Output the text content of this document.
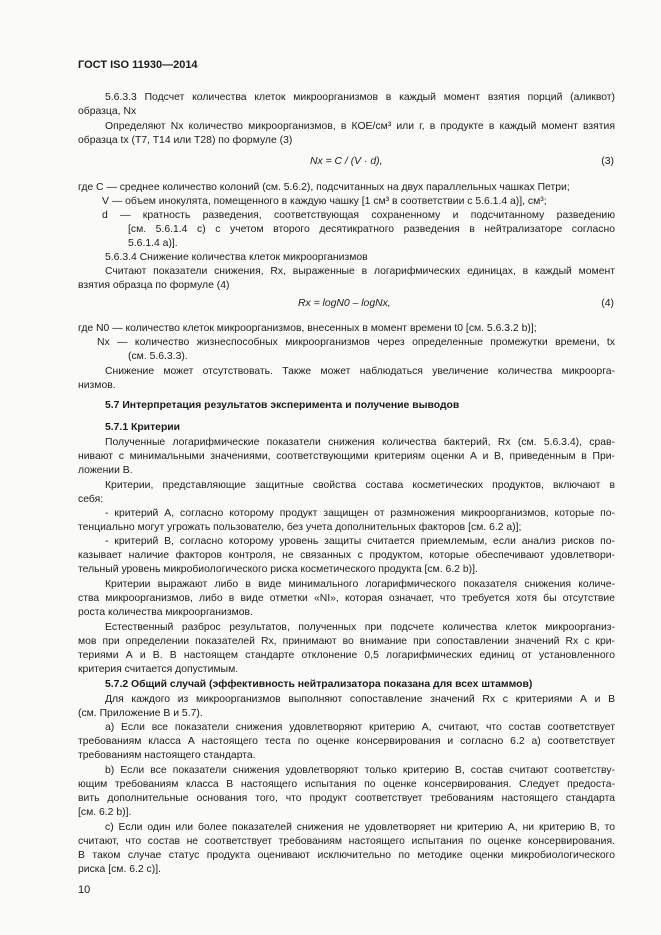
ГОСТ ISO 11930—2014
5.6.3.3 Подсчет количества клеток микроорганизмов в каждый момент взятия порций (аликвот)
образца, Nx
Определяют Nx количество микроорганизмов, в КОЕ/см³ или г, в продукте в каждый момент взятия
образца tx (T7, T14 или T28) по формуле (3)
Nx = C / (V · d),	(3)
где C — среднее количество колоний (см. 5.6.2), подсчитанных на двух параллельных чашках Петри;
V — объем инокулята, помещенного в каждую чашку [1 см³ в соответствии с 5.6.1.4 a)], см³;
d — кратность разведения, соответствующая сохраненному и подсчитанному разведению
[см. 5.6.1.4 c) с учетом второго десятикратного разведения в нейтрализаторе согласно
5.6.1.4 a)].
5.6.3.4 Снижение количества клеток микроорганизмов
Считают показатели снижения, Rx, выраженные в логарифмических единицах, в каждый момент
взятия образца по формуле (4)
Rx = logN0 – logNx,	(4)
где N0 — количество клеток микроорганизмов, внесенных в момент времени t0 [см. 5.6.3.2 b)];
Nx — количество жизнеспособных микроорганизмов через определенные промежутки времени, tx
(см. 5.6.3.3).
Снижение может отсутствовать. Также может наблюдаться увеличение количества микроорга-
низмов.
5.7 Интерпретация результатов эксперимента и получение выводов
5.7.1 Критерии
Полученные логарифмические показатели снижения количества бактерий, Rx (см. 5.6.3.4), срав-
нивают с минимальными значениями, соответствующими критериям оценки А и В, приведенным в При-
ложении В.
Критерии, представляющие защитные свойства состава косметических продуктов, включают в
себя:
- критерий А, согласно которому продукт защищен от размножения микроорганизмов, которые по-
тенциально могут угрожать пользователю, без учета дополнительных факторов [см. 6.2 a)];
- критерий В, согласно которому уровень защиты считается приемлемым, если анализ рисков по-
казывает наличие факторов контроля, не связанных с продуктом, которые обеспечивают удовлетвори-
тельный уровень микробиологического риска косметического продукта [см. 6.2 b)].
Критерии выражают либо в виде минимального логарифмического показателя снижения количе-
ства микроорганизмов, либо в виде отметки «NI», которая означает, что требуется хотя бы отсутствие
роста количества микроорганизмов.
Естественный разброс результатов, полученных при подсчете количества клеток микроорганиз-
мов при определении показателей Rx, принимают во внимание при сопоставлении значений Rx с кри-
териями А и В. В настоящем стандарте отклонение 0,5 логарифмических единиц от установленного
критерия считается допустимым.
5.7.2 Общий случай (эффективность нейтрализатора показана для всех штаммов)
Для каждого из микроорганизмов выполняют сопоставление значений Rx с критериями А и В
(см. Приложение В и 5.7).
a) Если все показатели снижения удовлетворяют критерию А, считают, что состав соответствует
требованиям класса А настоящего теста по оценке консервирования и согласно 6.2 a) соответствует
требованиям настоящего стандарта.
b) Если все показатели снижения удовлетворяют только критерию В, состав считают соответству-
ющим требованиям класса В настоящего испытания по оценке консервирования. Следует предоста-
вить дополнительные основания того, что продукт соответствует требованиям настоящего стандарта
[см. 6.2 b)].
c) Если один или более показателей снижения не удовлетворяет ни критерию А, ни критерию В, то
считают, что состав не соответствует требованиям настоящего испытания по оценке консервирования.
В таком случае статус продукта оценивают исключительно по методике оценки микробиологического
риска [см. 6.2 c)].
10
